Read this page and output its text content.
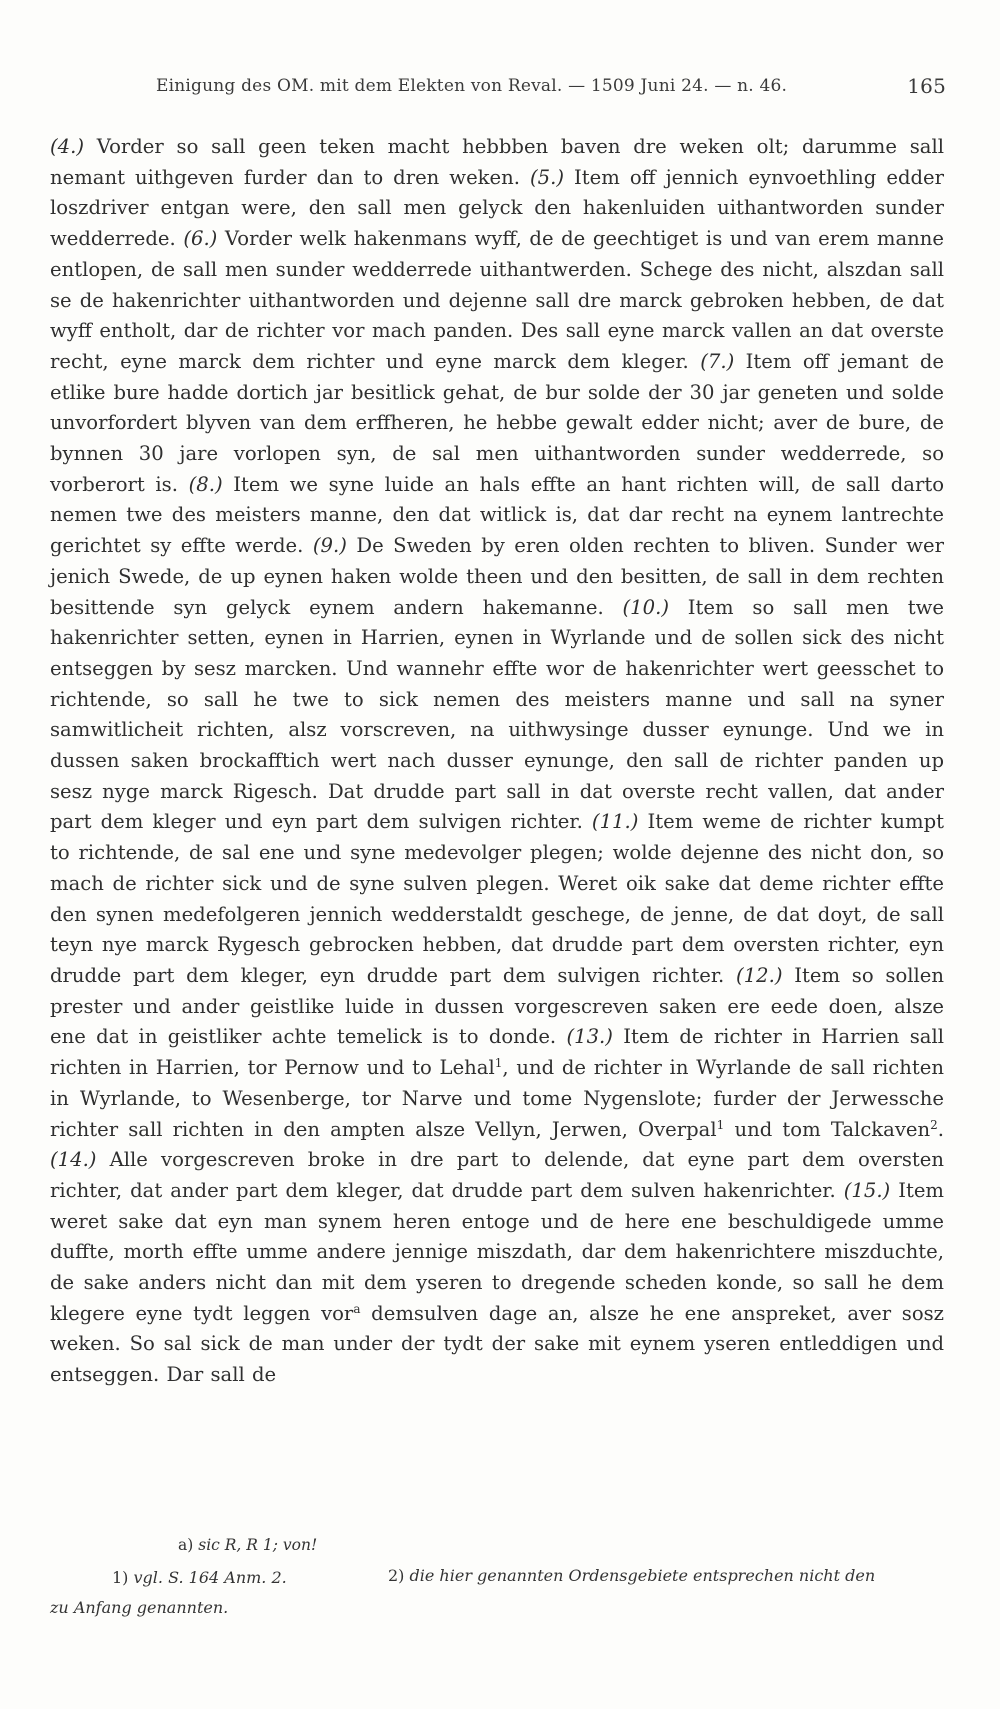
Einigung des OM. mit dem Elekten von Reval. — 1509 Juni 24. — n. 46.	165

(4.) Vorder so sall geen teken macht hebbben baven dre weken olt; darumme sall nemant uithgeven furder dan to dren weken. (5.) Item off jennich eynvoethling edder loszdriver entgan were, den sall men gelyck den hakenluiden uithantworden sunder wedderrede. (6.) Vorder welk hakenmans wyff, de de geechtiget is und van erem manne entlopen, de sall men sunder wedderrede uithantwerden. Schege des nicht, alszdan sall se de hakenrichter uithantworden und dejenne sall dre marck gebroken hebben, de dat wyff entholt, dar de richter vor mach panden. Des sall eyne marck vallen an dat overste recht, eyne marck dem richter und eyne marck dem kleger. (7.) Item off jemant de etlike bure hadde dortich jar besitlick gehat, de bur solde der 30 jar geneten und solde unvorfordert blyven van dem erffheren, he hebbe gewalt edder nicht; aver de bure, de bynnen 30 jare vorlopen syn, de sal men uithantworden sunder wedderrede, so vorberort is. (8.) Item we syne luide an hals effte an hant richten will, de sall darto nemen twe des meisters manne, den dat witlick is, dat dar recht na eynem lantrechte gerichtet sy effte werde. (9.) De Sweden by eren olden rechten to bliven. Sunder wer jenich Swede, de up eynen haken wolde theen und den besitten, de sall in dem rechten besittende syn gelyck eynem andern hakemanne. (10.) Item so sall men twe hakenrichter setten, eynen in Harrien, eynen in Wyrlande und de sollen sick des nicht entseggen by sesz marcken. Und wannehr effte wor de hakenrichter wert geesschet to richtende, so sall he twe to sick nemen des meisters manne und sall na syner samwitlicheit richten, alsz vorscreven, na uithwysinge dusser eynunge. Und we in dussen saken brockafftich wert nach dusser eynunge, den sall de richter panden up sesz nyge marck Rigesch. Dat drudde part sall in dat overste recht vallen, dat ander part dem kleger und eyn part dem sulvigen richter. (11.) Item weme de richter kumpt to richtende, de sal ene und syne medevolger plegen; wolde dejenne des nicht don, so mach de richter sick und de syne sulven plegen. Weret oik sake dat deme richter effte den synen medefolgeren jennich wedderstaldt geschege, de jenne, de dat doyt, de sall teyn nye marck Rygesch gebrocken hebben, dat drudde part dem oversten richter, eyn drudde part dem kleger, eyn drudde part dem sulvigen richter. (12.) Item so sollen prester und ander geistlike luide in dussen vorgescreven saken ere eede doen, alsze ene dat in geistliker achte temelick is to donde. (13.) Item de richter in Harrien sall richten in Harrien, tor Pernow und to Lehal$^1$, und de richter in Wyrlande de sall richten in Wyrlande, to Wesenberge, tor Narve und tome Nygenslote; furder der Jerwessche richter sall richten in den ampten alsze Vellyn, Jerwen, Overpal$^1$ und tom Talckaven$^2$. (14.) Alle vorgescreven broke in dre part to delende, dat eyne part dem oversten richter, dat ander part dem kleger, dat drudde part dem sulven hakenrichter. (15.) Item weret sake dat eyn man synem heren entoge und de here ene beschuldigede umme duffte, morth effte umme andere jennige miszdath, dar dem hakenrichtere miszduchte, de sake anders nicht dan mit dem yseren to dregende scheden konde, so sall he dem klegere eyne tydt leggen vor$^a$ demsulven dage an, alsze he ene anspreket, aver sosz weken. So sal sick de man under der tydt der sake mit eynem yseren entleddigen und entseggen. Dar sall de

a) sic R, R 1; von!
1) vgl. S. 164 Anm. 2.	2) die hier genannten Ordensgebiete entsprechen nicht den
zu Anfang genannten.
